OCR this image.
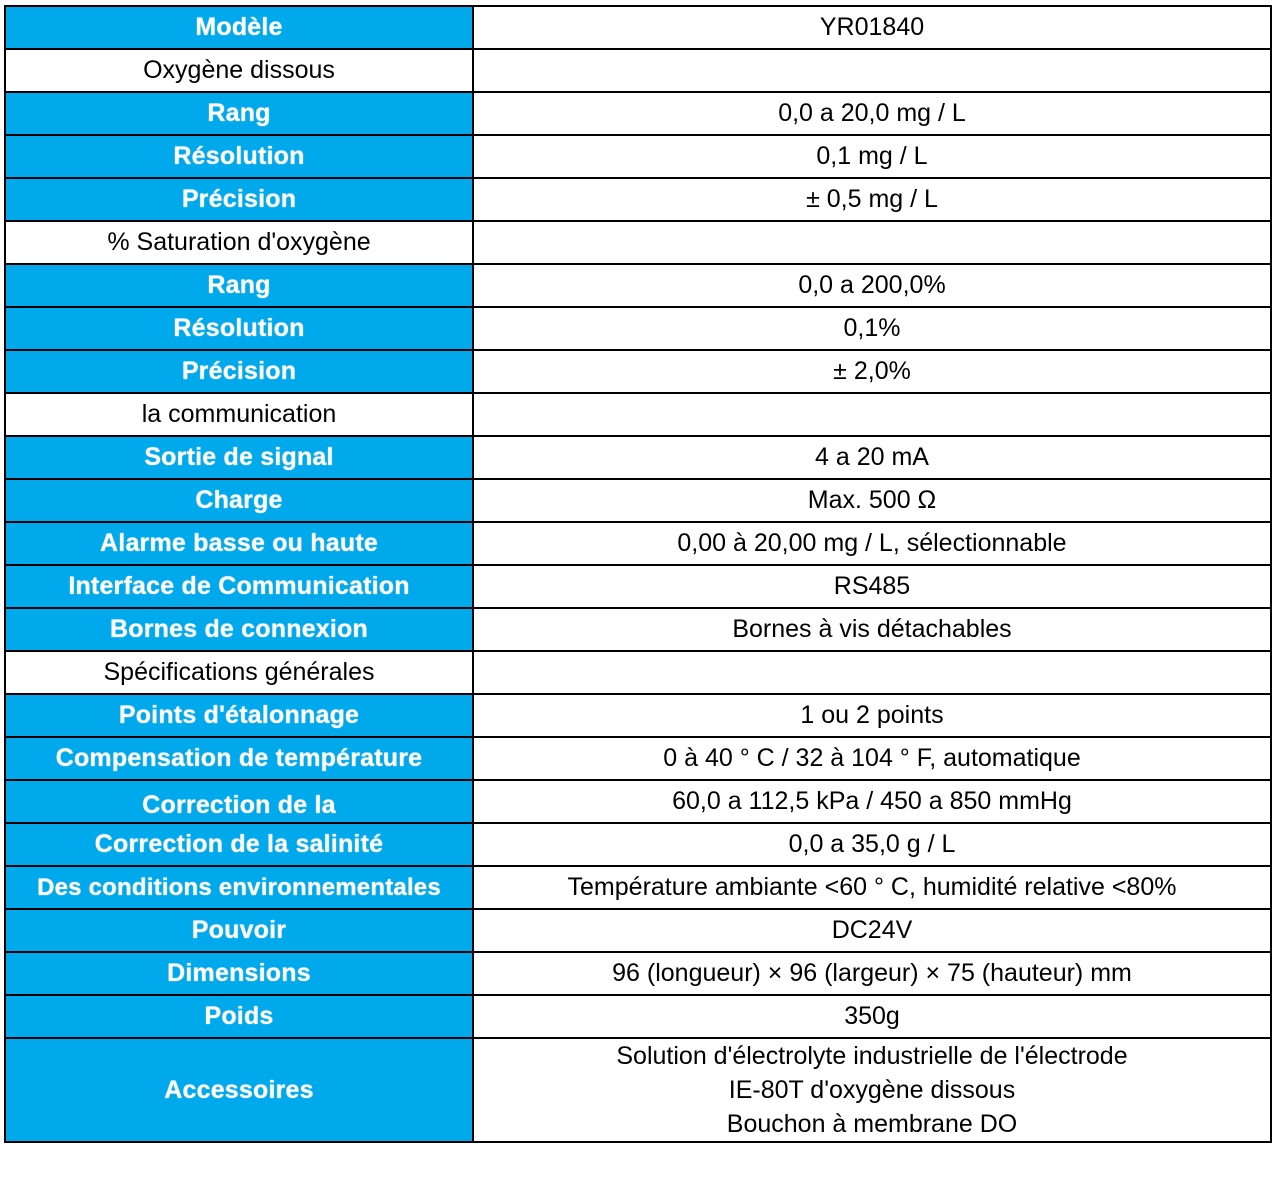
Modèle	YR01840
Oxygène dissous	
Rang	0,0 a 20,0 mg / L
Résolution	0,1 mg / L
Précision	± 0,5 mg / L
% Saturation d'oxygène	
Rang	0,0 a 200,0%
Résolution	0,1%
Précision	± 2,0%
la communication	
Sortie de signal	4 a 20 mA
Charge	Max. 500 Ω
Alarme basse ou haute	0,00 à 20,00 mg / L, sélectionnable
Interface de Communication	RS485
Bornes de connexion	Bornes à vis détachables
Spécifications générales	
Points d'étalonnage	1 ou 2 points
Compensation de température	0 à 40 ° C / 32 à 104 ° F, automatique

Correction de la	60,0 a 112,5 kPa / 450 a 850 mmHg
Correction de la salinité	0,0 a 35,0 g / L
Des conditions environnementales	Température ambiante <60 ° C, humidité relative <80%
Pouvoir	DC24V
Dimensions	96 (longueur) × 96 (largeur) × 75 (hauteur) mm
Poids	350g
Accessoires	Solution d'électrolyte industrielle de l'électrode
IE-80T d'oxygène dissous
Bouchon à membrane DO
